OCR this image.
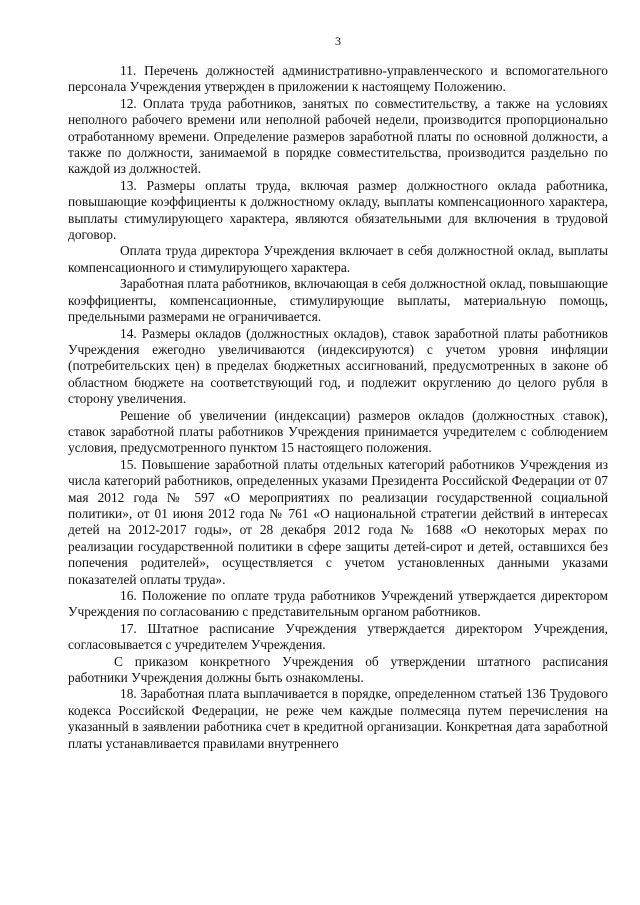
3

11. Перечень должностей административно-управленческого и вспомогательного персонала Учреждения утвержден в приложении к настоящему Положению.

12. Оплата труда работников, занятых по совместительству, а также на условиях неполного рабочего времени или неполной рабочей недели, производится пропорционально отработанному времени. Определение размеров заработной платы по основной должности, а также по должности, занимаемой в порядке совместительства, производится раздельно по каждой из должностей.

13. Размеры оплаты труда, включая размер должностного оклада работника, повышающие коэффициенты к должностному окладу, выплаты компенсационного характера, выплаты стимулирующего характера, являются обязательными для включения в трудовой договор.

Оплата труда директора Учреждения включает в себя должностной оклад, выплаты компенсационного и стимулирующего характера.

Заработная плата работников, включающая в себя должностной оклад, повышающие коэффициенты, компенсационные, стимулирующие выплаты, материальную помощь, предельными размерами не ограничивается.

14. Размеры окладов (должностных окладов), ставок заработной платы работников Учреждения ежегодно увеличиваются (индексируются) с учетом уровня инфляции (потребительских цен) в пределах бюджетных ассигнований, предусмотренных в законе об областном бюджете на соответствующий год, и подлежит округлению до целого рубля в сторону увеличения.

Решение об увеличении (индексации) размеров окладов (должностных ставок), ставок заработной платы работников Учреждения принимается учредителем с соблюдением условия, предусмотренного пунктом 15 настоящего положения.

15. Повышение заработной платы отдельных категорий работников Учреждения из числа категорий работников, определенных указами Президента Российской Федерации от 07 мая 2012 года № 597 «О мероприятиях по реализации государственной социальной политики», от 01 июня 2012 года № 761 «О национальной стратегии действий в интересах детей на 2012-2017 годы», от 28 декабря 2012 года № 1688 «О некоторых мерах по реализации государственной политики в сфере защиты детей-сирот и детей, оставшихся без попечения родителей», осуществляется с учетом установленных данными указами показателей оплаты труда».

16. Положение по оплате труда работников Учреждений утверждается директором Учреждения по согласованию с представительным органом работников.

17. Штатное расписание Учреждения утверждается директором Учреждения, согласовывается с учредителем Учреждения.

С приказом конкретного Учреждения об утверждении штатного расписания работники Учреждения должны быть ознакомлены.

18. Заработная плата выплачивается в порядке, определенном статьей 136 Трудового кодекса Российской Федерации, не реже чем каждые полмесяца путем перечисления на указанный в заявлении работника счет в кредитной организации. Конкретная дата заработной платы устанавливается правилами внутреннего
